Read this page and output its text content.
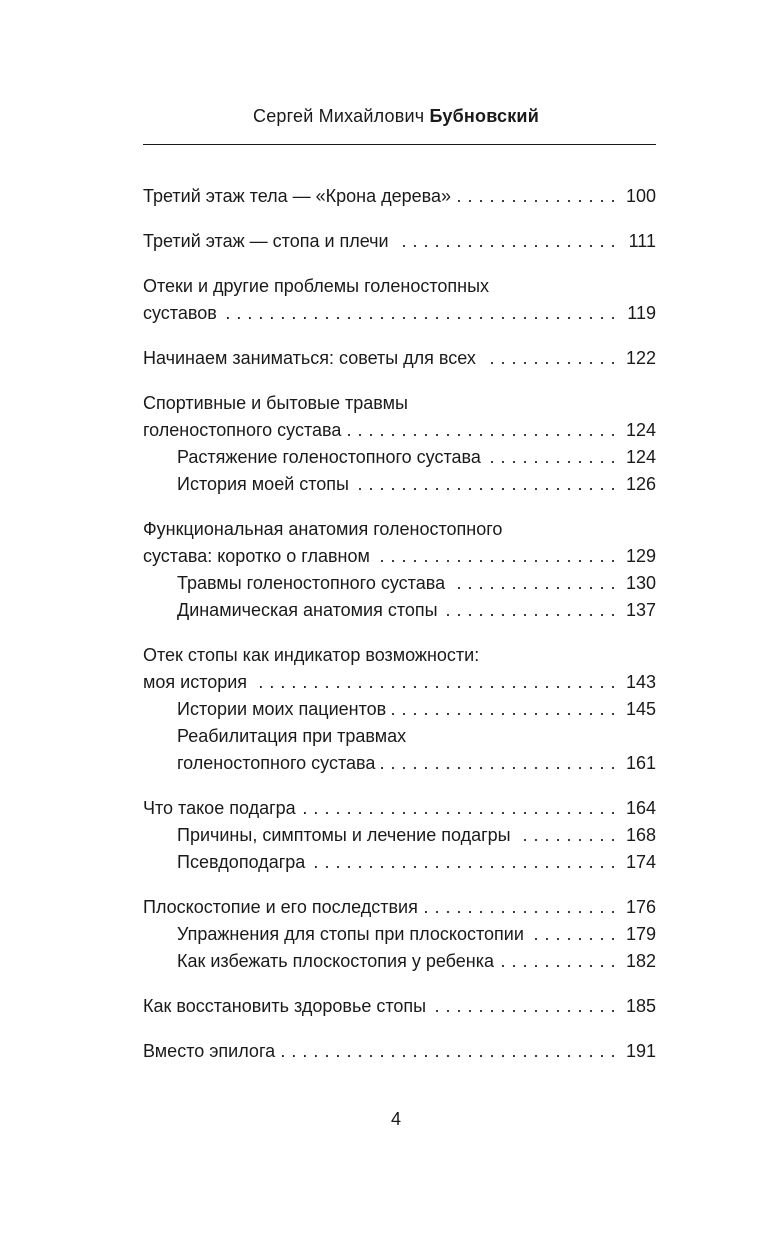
Сергей Михайлович Бубновский
Третий этаж тела — «Крона дерева» . . .	100
Третий этаж — стопа и плечи . . .	111
Отеки и другие проблемы голеностопных
суставов . . .	119
Начинаем заниматься: советы для всех . . .	122
Спортивные и бытовые травмы
голеностопного сустава . . .	124
Растяжение голеностопного сустава . . .	124
История моей стопы . . .	126
Функциональная анатомия голеностопного
сустава: коротко о главном . . .	129
Травмы голеностопного сустава . . .	130
Динамическая анатомия стопы . . .	137
Отек стопы как индикатор возможности:
моя история . . .	143
Истории моих пациентов . . .	145
Реабилитация при травмах
голеностопного сустава . . .	161
Что такое подагра . . .	164
Причины, симптомы и лечение подагры . . .	168
Псевдоподагра . . .	174
Плоскостопие и его последствия . . .	176
Упражнения для стопы при плоскостопии . . .	179
Как избежать плоскостопия у ребенка . . .	182
Как восстановить здоровье стопы . . .	185
Вместо эпилога . . .	191
4
